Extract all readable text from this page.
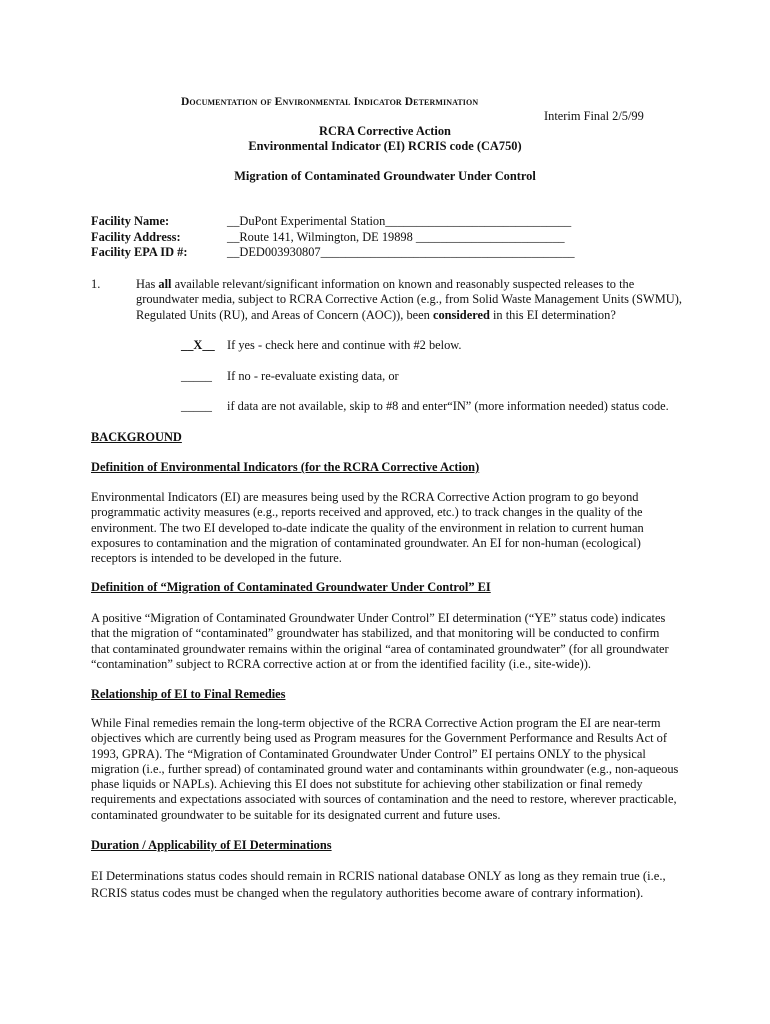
Documentation of Environmental Indicator Determination
Interim Final 2/5/99
RCRA Corrective Action
Environmental Indicator (EI) RCRIS code (CA750)
Migration of Contaminated Groundwater Under Control
Facility Name:	__DuPont Experimental Station______________________________
Facility Address:	__Route 141, Wilmington, DE 19898 ________________________
Facility EPA ID #:	__DED003930807_________________________________________
1.	Has all available relevant/significant information on known and reasonably suspected releases to the groundwater media, subject to RCRA Corrective Action (e.g., from Solid Waste Management Units (SWMU), Regulated Units (RU), and Areas of Concern (AOC)), been considered in this EI determination?
__X__ If yes - check here and continue with #2 below.
_____ If no - re-evaluate existing data, or
_____ if data are not available, skip to #8 and enter“IN” (more information needed) status code.
BACKGROUND
Definition of Environmental Indicators (for the RCRA Corrective Action)
Environmental Indicators (EI) are measures being used by the RCRA Corrective Action program to go beyond programmatic activity measures (e.g., reports received and approved, etc.) to track changes in the quality of the environment. The two EI developed to-date indicate the quality of the environment in relation to current human exposures to contamination and the migration of contaminated groundwater. An EI for non-human (ecological) receptors is intended to be developed in the future.
Definition of “Migration of Contaminated Groundwater Under Control” EI
A positive “Migration of Contaminated Groundwater Under Control” EI determination (“YE” status code) indicates that the migration of “contaminated” groundwater has stabilized, and that monitoring will be conducted to confirm that contaminated groundwater remains within the original “area of contaminated groundwater” (for all groundwater “contamination” subject to RCRA corrective action at or from the identified facility (i.e., site-wide)).
Relationship of EI to Final Remedies
While Final remedies remain the long-term objective of the RCRA Corrective Action program the EI are near-term objectives which are currently being used as Program measures for the Government Performance and Results Act of 1993, GPRA). The “Migration of Contaminated Groundwater Under Control” EI pertains ONLY to the physical migration (i.e., further spread) of contaminated ground water and contaminants within groundwater (e.g., non-aqueous phase liquids or NAPLs). Achieving this EI does not substitute for achieving other stabilization or final remedy requirements and expectations associated with sources of contamination and the need to restore, wherever practicable, contaminated groundwater to be suitable for its designated current and future uses.
Duration / Applicability of EI Determinations
EI Determinations status codes should remain in RCRIS national database ONLY as long as they remain true (i.e., RCRIS status codes must be changed when the regulatory authorities become aware of contrary information).
